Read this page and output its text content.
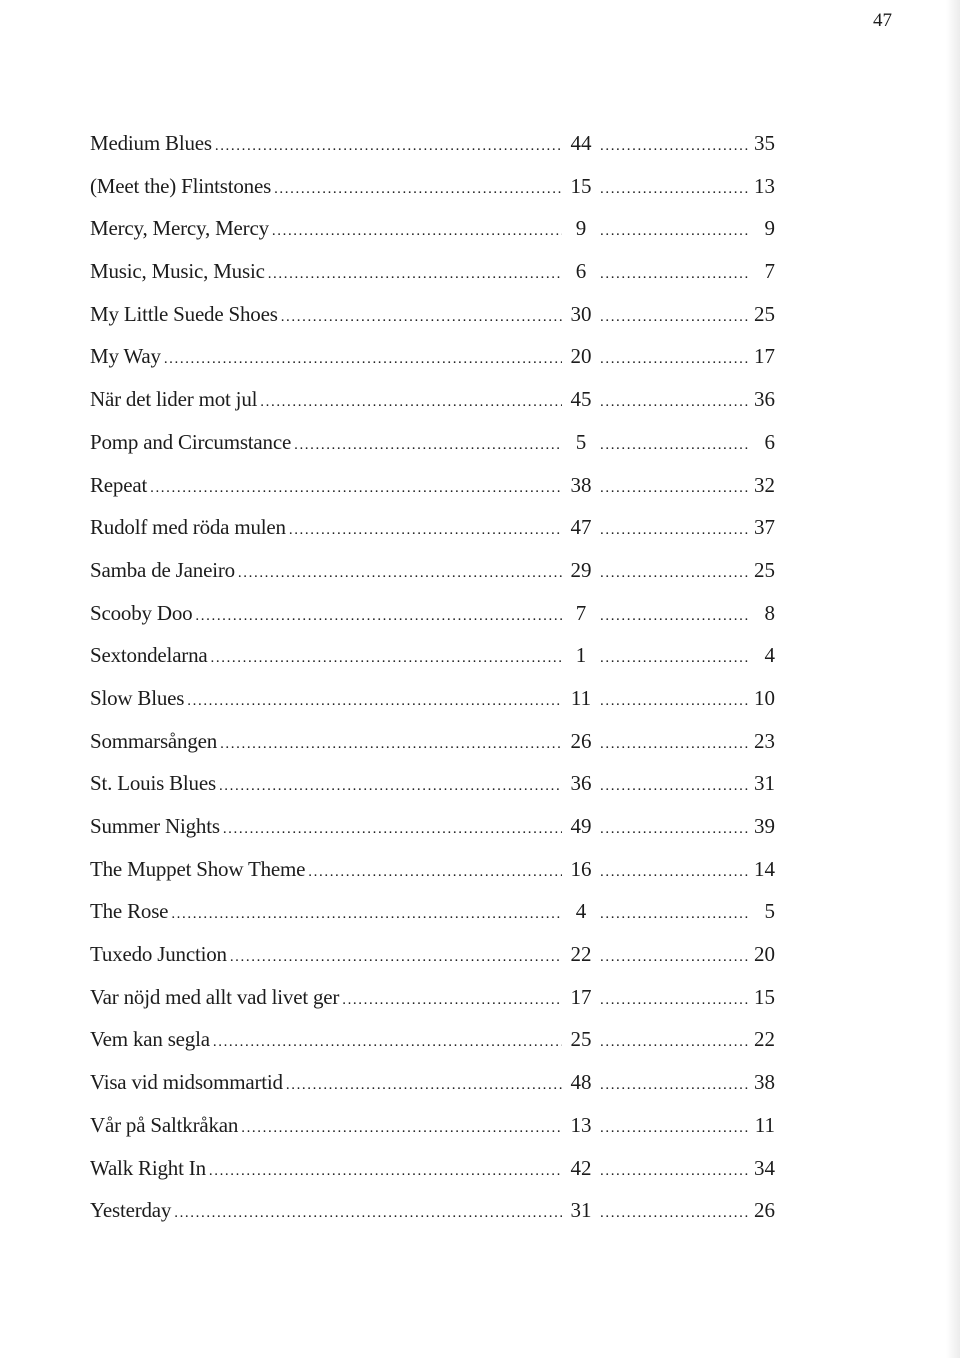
47
Medium Blues .....	44 .....	35
(Meet the) Flintstones .....	15 .....	13
Mercy, Mercy, Mercy .....	9 .....	9
Music, Music, Music .....	6 .....	7
My Little Suede Shoes .....	30 .....	25
My Way .....	20 .....	17
När det lider mot jul .....	45 .....	36
Pomp and Circumstance .....	5 .....	6
Repeat .....	38 .....	32
Rudolf med röda mulen .....	47 .....	37
Samba de Janeiro .....	29 .....	25
Scooby Doo .....	7 .....	8
Sextondelarna .....	1 .....	4
Slow Blues .....	11 .....	10
Sommarsången .....	26 .....	23
St. Louis Blues .....	36 .....	31
Summer Nights .....	49 .....	39
The Muppet Show Theme .....	16 .....	14
The Rose .....	4 .....	5
Tuxedo Junction .....	22 .....	20
Var nöjd med allt vad livet ger .....	17 .....	15
Vem kan segla .....	25 .....	22
Visa vid midsommartid .....	48 .....	38
Vår på Saltkråkan .....	13 .....	11
Walk Right In .....	42 .....	34
Yesterday .....	31 .....	26
